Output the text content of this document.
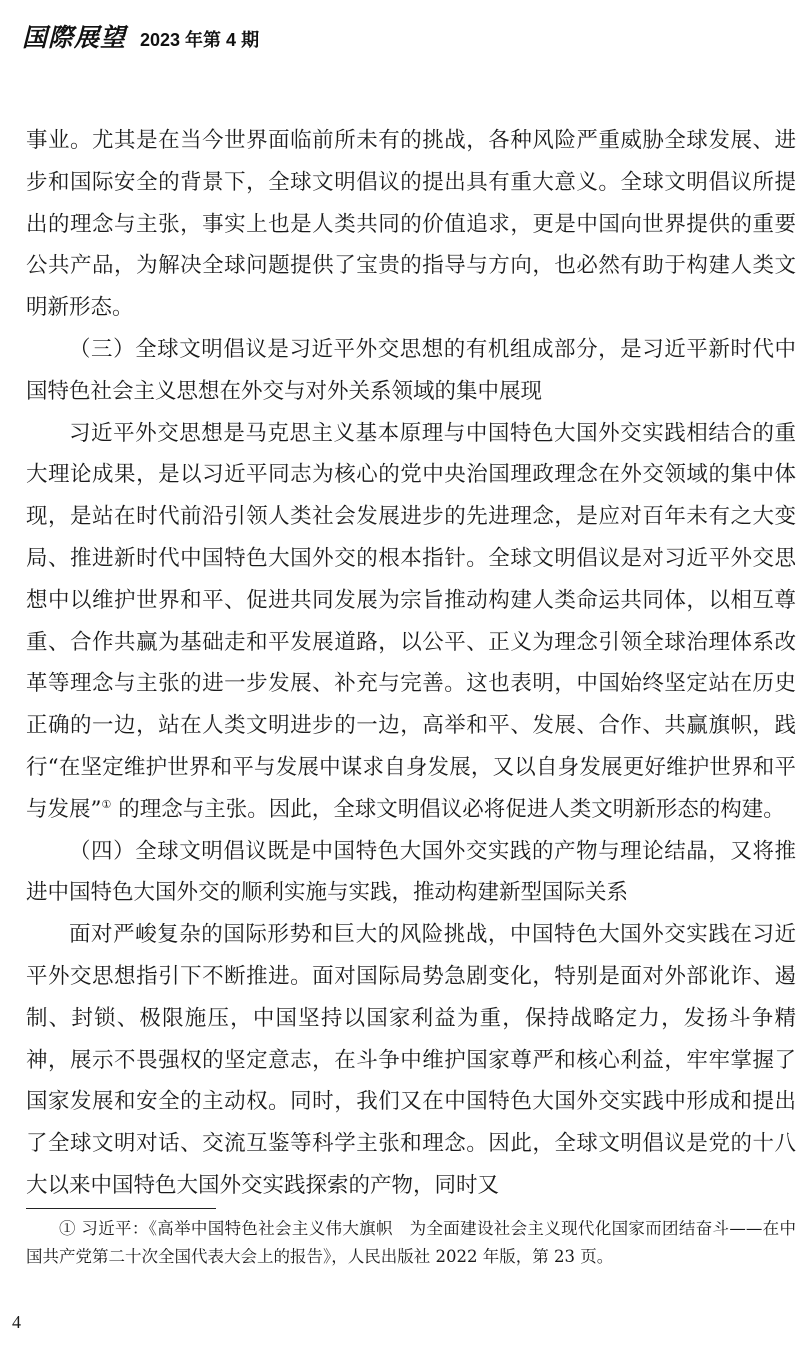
国際展望 2023 年第 4 期

事业。尤其是在当今世界面临前所未有的挑战，各种风险严重威胁全球发展、进步和国际安全的背景下，全球文明倡议的提出具有重大意义。全球文明倡议所提出的理念与主张，事实上也是人类共同的价值追求，更是中国向世界提供的重要公共产品，为解决全球问题提供了宝贵的指导与方向，也必然有助于构建人类文明新形态。

（三）全球文明倡议是习近平外交思想的有机组成部分，是习近平新时代中国特色社会主义思想在外交与对外关系领域的集中展现

习近平外交思想是马克思主义基本原理与中国特色大国外交实践相结合的重大理论成果，是以习近平同志为核心的党中央治国理政理念在外交领域的集中体现，是站在时代前沿引领人类社会发展进步的先进理念，是应对百年未有之大变局、推进新时代中国特色大国外交的根本指针。全球文明倡议是对习近平外交思想中以维护世界和平、促进共同发展为宗旨推动构建人类命运共同体，以相互尊重、合作共赢为基础走和平发展道路，以公平、正义为理念引领全球治理体系改革等理念与主张的进一步发展、补充与完善。这也表明，中国始终坚定站在历史正确的一边，站在人类文明进步的一边，高举和平、发展、合作、共赢旗帜，践行“在坚定维护世界和平与发展中谋求自身发展，又以自身发展更好维护世界和平与发展”① 的理念与主张。因此，全球文明倡议必将促进人类文明新形态的构建。

（四）全球文明倡议既是中国特色大国外交实践的产物与理论结晶，又将推进中国特色大国外交的顺利实施与实践，推动构建新型国际关系

面对严峻复杂的国际形势和巨大的风险挑战，中国特色大国外交实践在习近平外交思想指引下不断推进。面对国际局势急剧变化，特别是面对外部讹诈、遏制、封锁、极限施压，中国坚持以国家利益为重，保持战略定力，发扬斗争精神，展示不畏强权的坚定意志，在斗争中维护国家尊严和核心利益，牢牢掌握了国家发展和安全的主动权。同时，我们又在中国特色大国外交实践中形成和提出了全球文明对话、交流互鉴等科学主张和理念。因此，全球文明倡议是党的十八大以来中国特色大国外交实践探索的产物，同时又

① 习近平：《高举中国特色社会主义伟大旗帜　为全面建设社会主义现代化国家而团结奋斗——在中国共产党第二十次全国代表大会上的报告》，人民出版社 2022 年版，第 23 页。

4
